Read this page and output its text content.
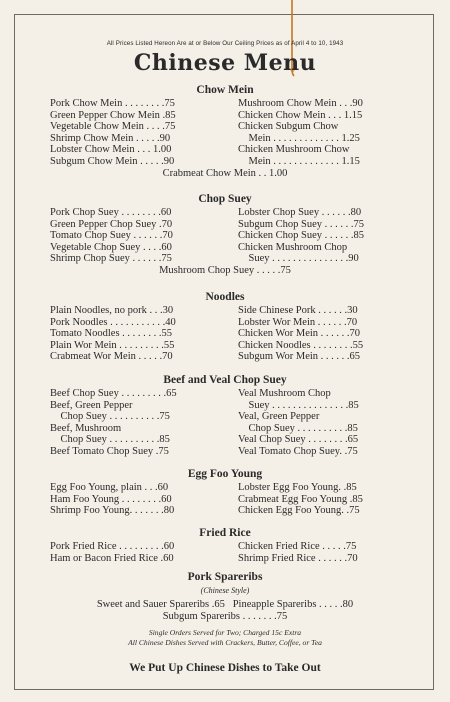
All Prices Listed Hereon Are at or Below Our Ceiling Prices as of April 4 to 10, 1943
Chinese Menu
Chow Mein
Pork Chow Mein . . . . . . . .75
Green Pepper Chow Mein .85
Vegetable Chow Mein . . . .75
Shrimp Chow Mein . . . . .90
Lobster Chow Mein . . . 1.00
Subgum Chow Mein . . . . .90
Mushroom Chow Mein . . .90
Chicken Chow Mein . . . 1.15
Chicken Subgum Chow
Mein . . . . . . . . . . . . . 1.25
Chicken Mushroom Chow
Mein . . . . . . . . . . . . . 1.15
Crabmeat Chow Mein . . 1.00
Chop Suey
Pork Chop Suey . . . . . . . .60
Green Pepper Chop Suey .70
Tomato Chop Suey . . . . . .70
Vegetable Chop Suey . . . .60
Shrimp Chop Suey . . . . . .75
Lobster Chop Suey . . . . . .80
Subgum Chop Suey . . . . . .75
Chicken Chop Suey . . . . . .85
Chicken Mushroom Chop
Suey . . . . . . . . . . . . . . .90
Mushroom Chop Suey . . . . .75
Noodles
Plain Noodles, no pork . . .30
Pork Noodles . . . . . . . . . . .40
Tomato Noodles . . . . . . . .55
Plain Wor Mein . . . . . . . . .55
Crabmeat Wor Mein . . . . .70
Side Chinese Pork . . . . . .30
Lobster Wor Mein . . . . . .70
Chicken Wor Mein . . . . . .70
Chicken Noodles . . . . . . . .55
Subgum Wor Mein . . . . . .65
Beef and Veal Chop Suey
Beef Chop Suey . . . . . . . . .65
Beef, Green Pepper
Chop Suey . . . . . . . . . .75
Beef, Mushroom
Chop Suey . . . . . . . . . .85
Beef Tomato Chop Suey .75
Veal Mushroom Chop
Suey . . . . . . . . . . . . . . .85
Veal, Green Pepper
Chop Suey . . . . . . . . . .85
Veal Chop Suey . . . . . . . .65
Veal Tomato Chop Suey. .75
Egg Foo Young
Egg Foo Young, plain . . .60
Ham Foo Young . . . . . . . .60
Shrimp Foo Young. . . . . . .80
Lobster Egg Foo Young. .85
Crabmeat Egg Foo Young .85
Chicken Egg Foo Young. .75
Fried Rice
Pork Fried Rice . . . . . . . . .60
Ham or Bacon Fried Rice .60
Chicken Fried Rice . . . . .75
Shrimp Fried Rice . . . . . .70
Pork Spareribs
(Chinese Style)
Sweet and Sauer Spareribs .65   Pineapple Spareribs . . . . .80
Subgum Spareribs . . . . . . .75
Single Orders Served for Two; Charged 15c Extra
All Chinese Dishes Served with Crackers, Butter, Coffee, or Tea
We Put Up Chinese Dishes to Take Out
